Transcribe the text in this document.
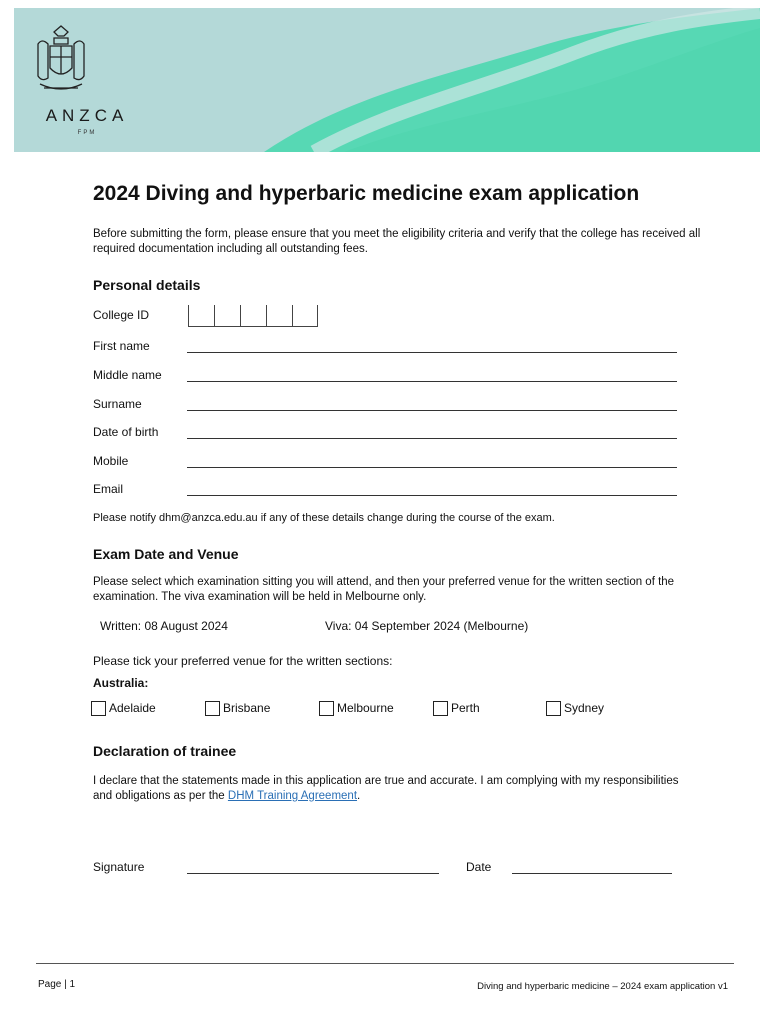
ANZCA
FPM
2024 Diving and hyperbaric medicine exam application

Before submitting the form, please ensure that you meet the eligibility criteria and verify that the college has received all required documentation including all outstanding fees.

Personal details
College ID
First name
Middle name
Surname
Date of birth
Mobile
Email
Please notify dhm@anzca.edu.au if any of these details change during the course of the exam.
Exam Date and Venue

Please select which examination sitting you will attend, and then your preferred venue for the written section of the examination. The viva examination will be held in Melbourne only.

Written: 08 August 2024	Viva: 04 September 2024 (Melbourne)
Please tick your preferred venue for the written sections:
Australia:
Adelaide	Brisbane	Melbourne	Perth	Sydney
Declaration of trainee

I declare that the statements made in this application are true and accurate. I am complying with my responsibilities and obligations as per the DHM Training Agreement.

Signature	Date
Page | 1	Diving and hyperbaric medicine – 2024 exam application v1
